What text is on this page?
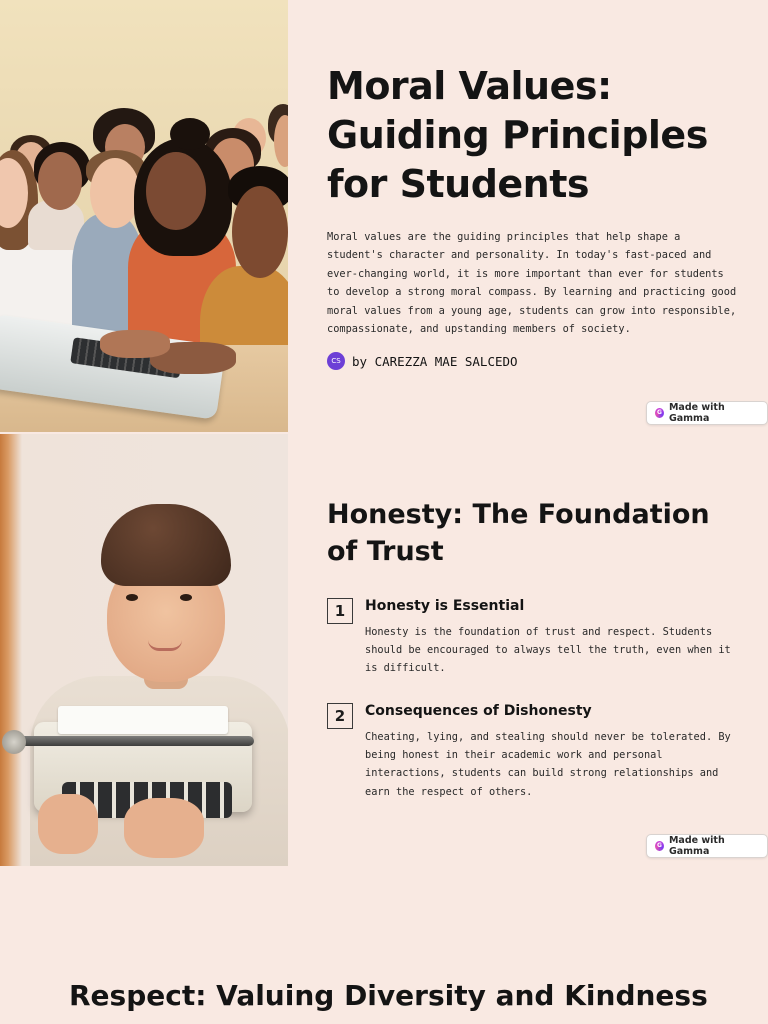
Moral Values: Guiding Principles for Students

Moral values are the guiding principles that help shape a student's character and personality. In today's fast-paced and ever-changing world, it is more important than ever for students to develop a strong moral compass. By learning and practicing good moral values from a young age, students can grow into responsible, compassionate, and upstanding members of society.

CS by CAREZZA MAE SALCEDO
G Made with Gamma
Honesty: The Foundation of Trust
1	Honesty is Essential
Honesty is the foundation of trust and respect. Students should be encouraged to always tell the truth, even when it is difficult.
2	Consequences of Dishonesty
Cheating, lying, and stealing should never be tolerated. By being honest in their academic work and personal interactions, students can build strong relationships and earn the respect of others.
G Made with Gamma
Respect: Valuing Diversity and Kindness
